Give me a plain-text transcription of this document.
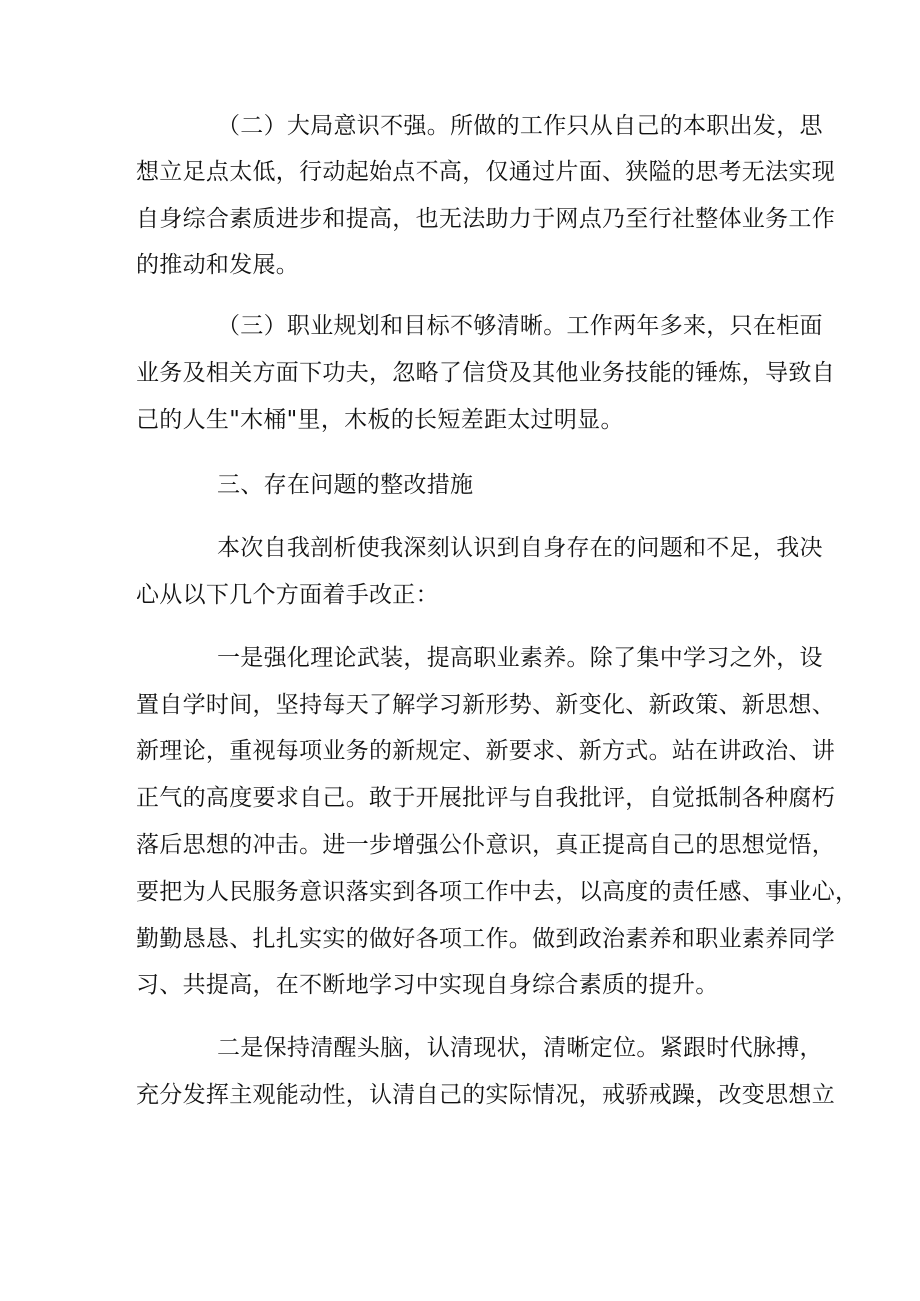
（二）大局意识不强。所做的工作只从自己的本职出发，思
想立足点太低，行动起始点不高，仅通过片面、狭隘的思考无法实现
自身综合素质进步和提高，也无法助力于网点乃至行社整体业务工作
的推动和发展。
（三）职业规划和目标不够清晰。工作两年多来，只在柜面
业务及相关方面下功夫，忽略了信贷及其他业务技能的锤炼，导致自
己的人生"木桶"里，木板的长短差距太过明显。
三、存在问题的整改措施
本次自我剖析使我深刻认识到自身存在的问题和不足，我决
心从以下几个方面着手改正：
一是强化理论武装，提高职业素养。除了集中学习之外，设
置自学时间，坚持每天了解学习新形势、新变化、新政策、新思想、
新理论，重视每项业务的新规定、新要求、新方式。站在讲政治、讲
正气的高度要求自己。敢于开展批评与自我批评，自觉抵制各种腐朽
落后思想的冲击。进一步增强公仆意识，真正提高自己的思想觉悟，
要把为人民服务意识落实到各项工作中去，以高度的责任感、事业心，
勤勤恳恳、扎扎实实的做好各项工作。做到政治素养和职业素养同学
习、共提高，在不断地学习中实现自身综合素质的提升。
二是保持清醒头脑，认清现状，清晰定位。紧跟时代脉搏，
充分发挥主观能动性，认清自己的实际情况，戒骄戒躁，改变思想立
